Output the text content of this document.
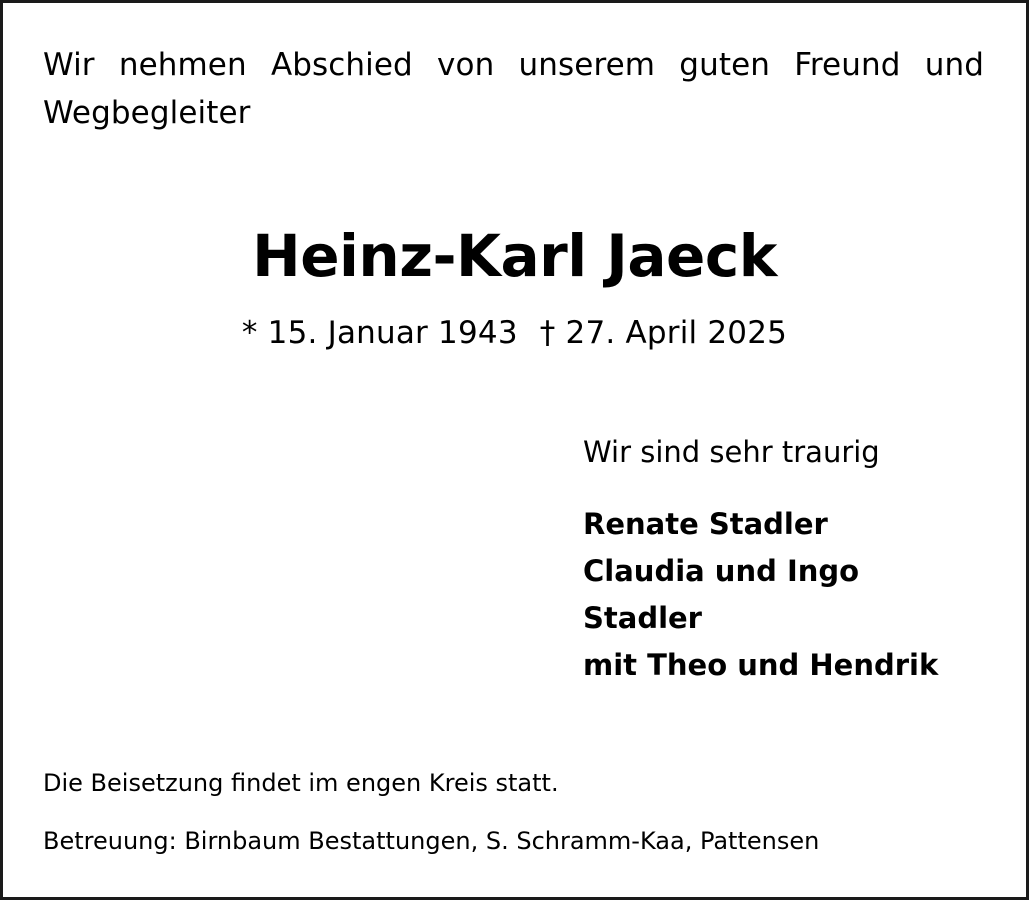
Wir nehmen Abschied von unserem guten Freund und Wegbegleiter

Heinz-Karl Jaeck
* 15. Januar 1943 † 27. April 2025

Wir sind sehr traurig

Renate Stadler

Claudia und Ingo Stadler

mit Theo und Hendrik

Die Beisetzung findet im engen Kreis statt.

Betreuung: Birnbaum Bestattungen, S. Schramm-Kaa, Pattensen
